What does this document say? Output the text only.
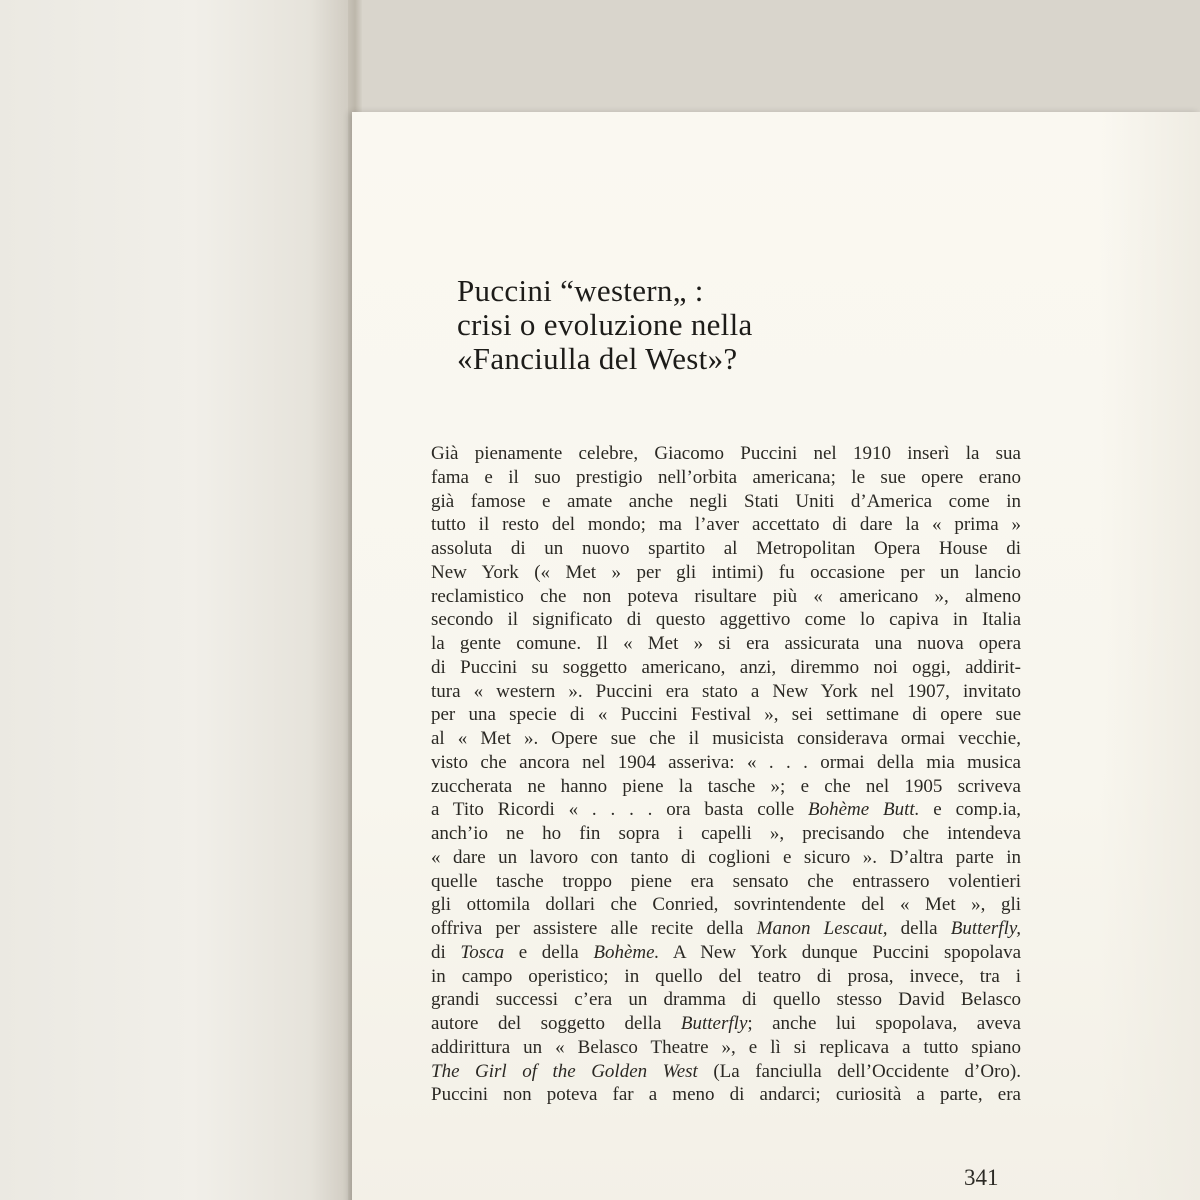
Puccini “western„ :
crisi o evoluzione nella
«Fanciulla del West»?
Già pienamente celebre, Giacomo Puccini nel 1910 inserì la sua
fama e il suo prestigio nell’orbita americana; le sue opere erano
già famose e amate anche negli Stati Uniti d’America come in
tutto il resto del mondo; ma l’aver accettato di dare la « prima »
assoluta di un nuovo spartito al Metropolitan Opera House di
New York (« Met » per gli intimi) fu occasione per un lancio
reclamistico che non poteva risultare più « americano », almeno
secondo il significato di questo aggettivo come lo capiva in Italia
la gente comune. Il « Met » si era assicurata una nuova opera
di Puccini su soggetto americano, anzi, diremmo noi oggi, addirit-
tura « western ». Puccini era stato a New York nel 1907, invitato
per una specie di « Puccini Festival », sei settimane di opere sue
al « Met ». Opere sue che il musicista considerava ormai vecchie,
visto che ancora nel 1904 asseriva: « . . . ormai della mia musica
zuccherata ne hanno piene la tasche »; e che nel 1905 scriveva
a Tito Ricordi « . . . . ora basta colle Bohème Butt. e comp.ia,
anch’io ne ho fin sopra i capelli », precisando che intendeva
« dare un lavoro con tanto di coglioni e sicuro ». D’altra parte in
quelle tasche troppo piene era sensato che entrassero volentieri
gli ottomila dollari che Conried, sovrintendente del « Met », gli
offriva per assistere alle recite della Manon Lescaut, della Butterfly,
di Tosca e della Bohème. A New York dunque Puccini spopolava
in campo operistico; in quello del teatro di prosa, invece, tra i
grandi successi c’era un dramma di quello stesso David Belasco
autore del soggetto della Butterfly; anche lui spopolava, aveva
addirittura un « Belasco Theatre », e lì si replicava a tutto spiano
The Girl of the Golden West (La fanciulla dell’Occidente d’Oro).
Puccini non poteva far a meno di andarci; curiosità a parte, era
341
